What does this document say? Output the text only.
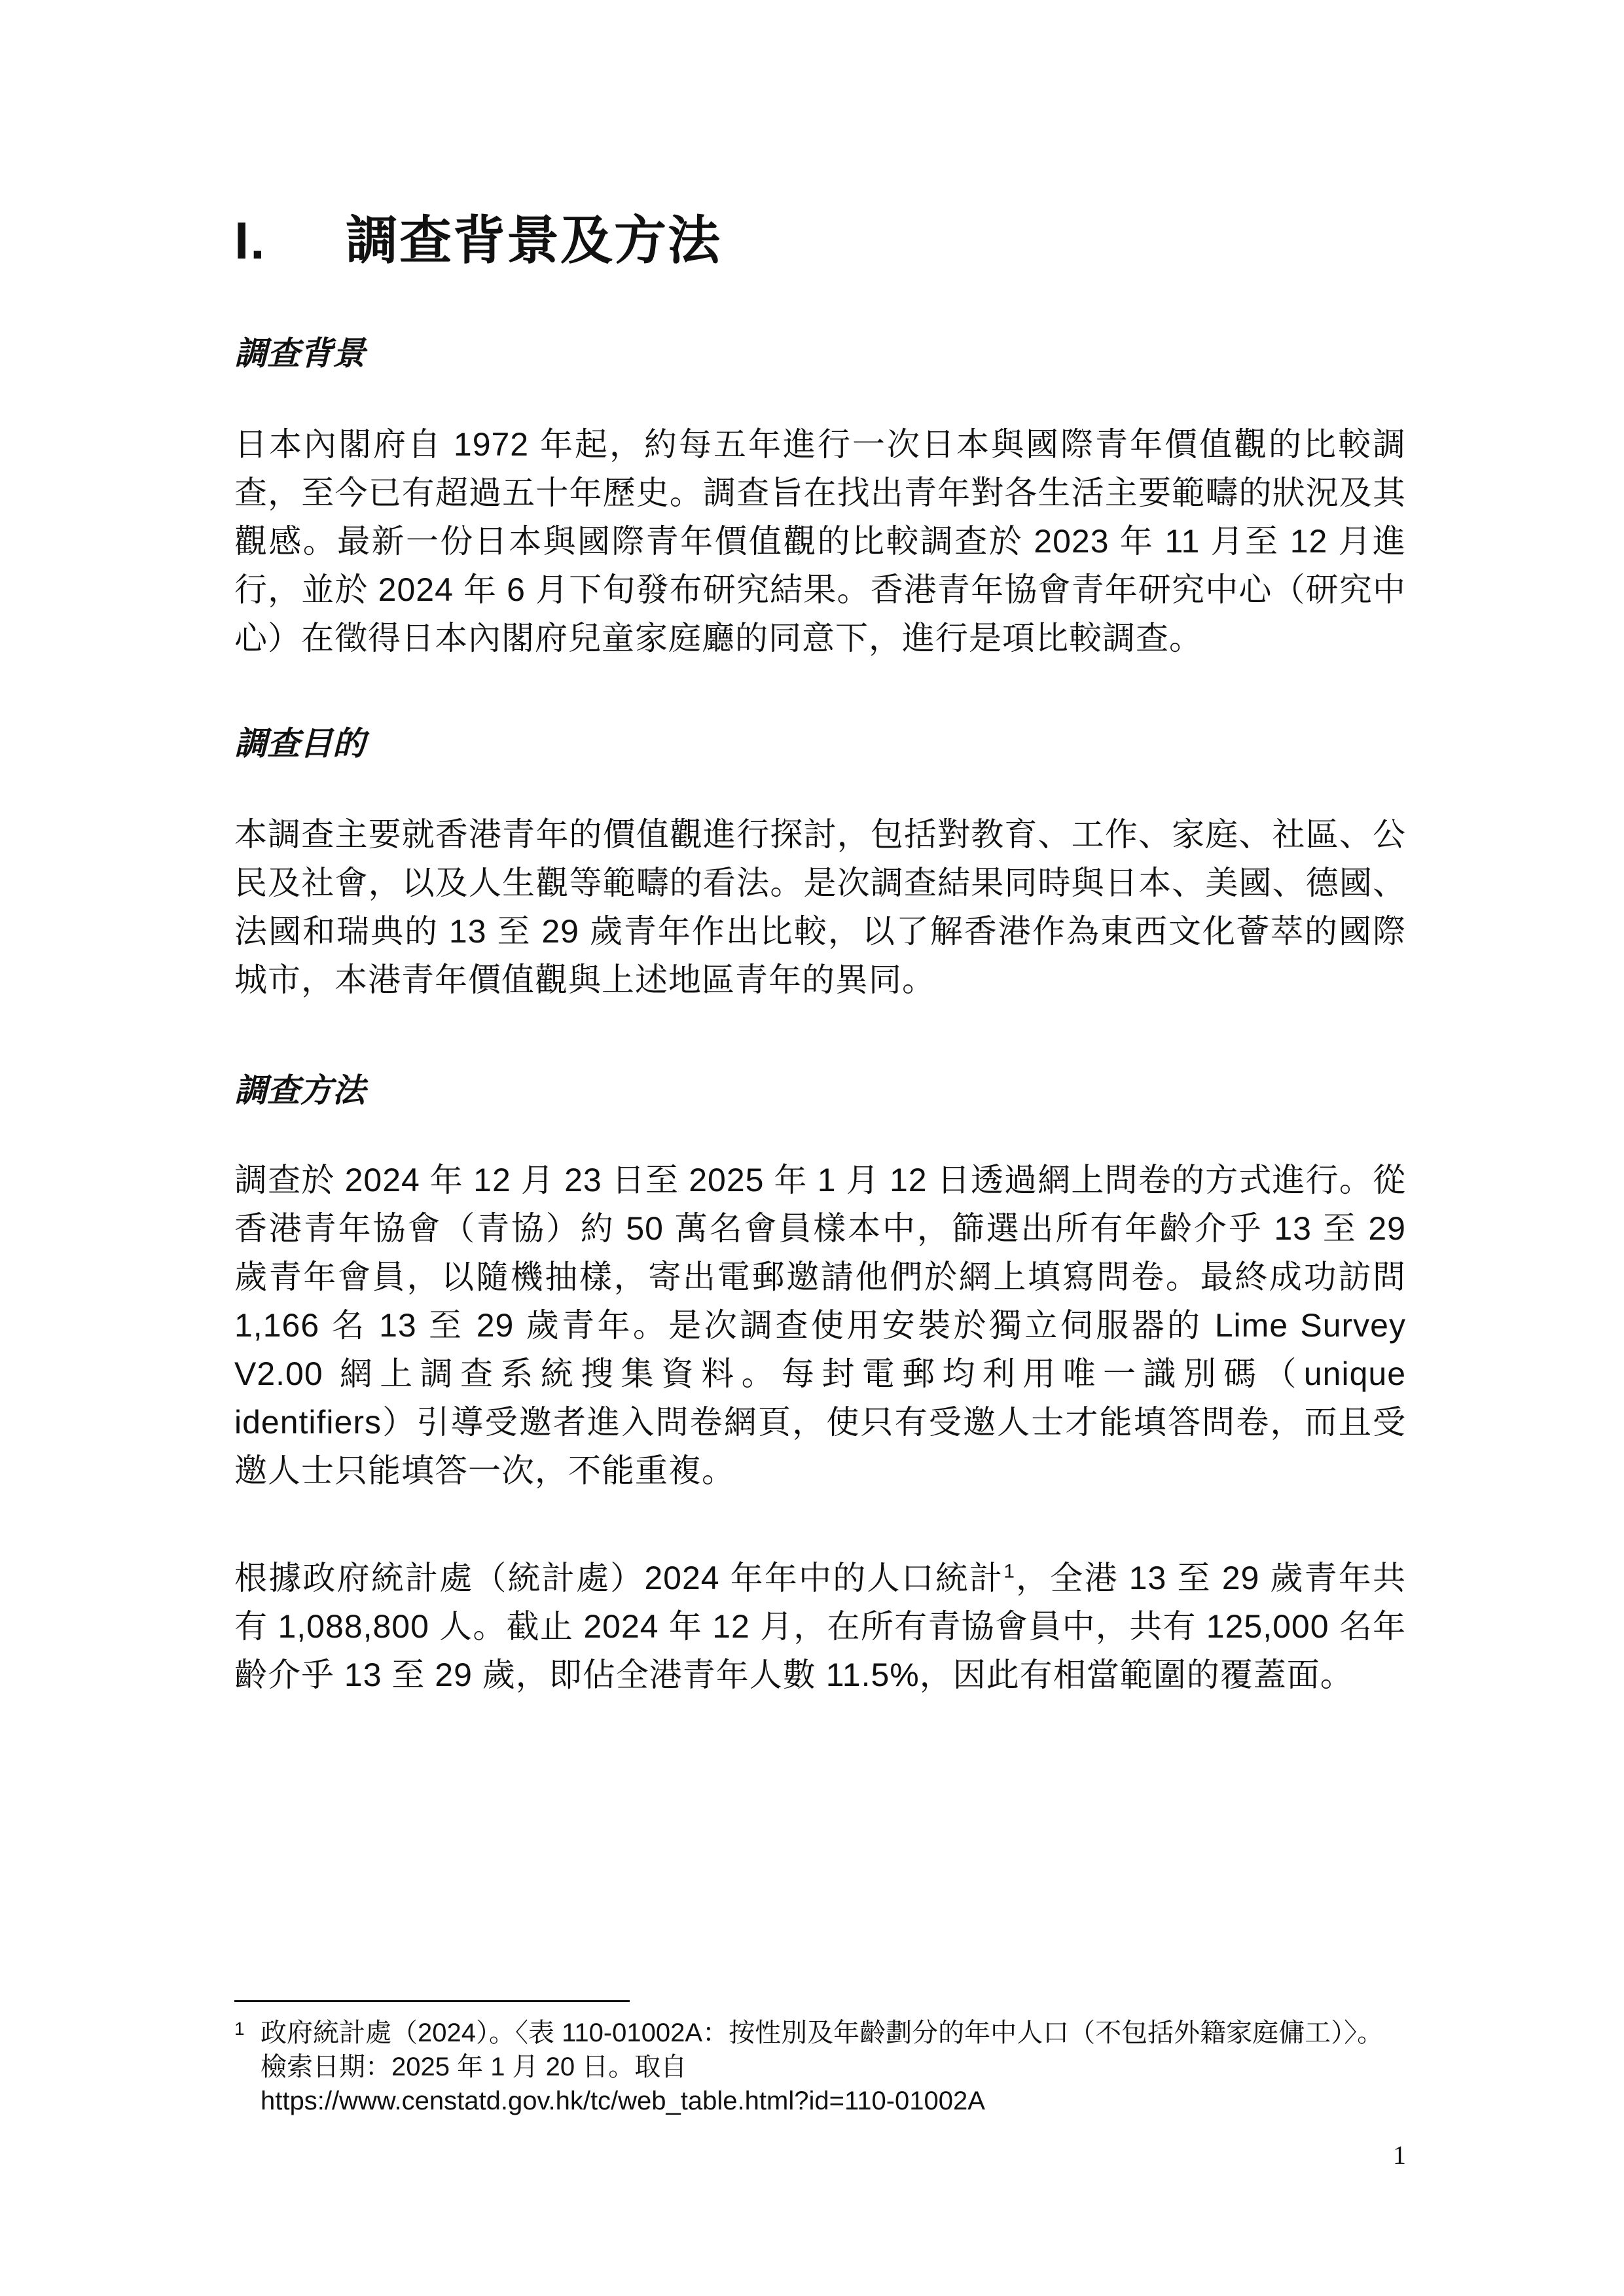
I. 調查背景及方法
調查背景

日本內閣府自 1972 年起，約每五年進行一次日本與國際青年價值觀的比較調查，至今已有超過五十年歷史。調查旨在找出青年對各生活主要範疇的狀況及其觀感。最新一份日本與國際青年價值觀的比較調查於 2023 年 11 月至 12 月進行，並於 2024 年 6 月下旬發布研究結果。香港青年協會青年研究中心（研究中心）在徵得日本內閣府兒童家庭廳的同意下，進行是項比較調查。

調查目的

本調查主要就香港青年的價值觀進行探討，包括對教育、工作、家庭、社區、公民及社會，以及人生觀等範疇的看法。是次調查結果同時與日本、美國、德國、法國和瑞典的 13 至 29 歲青年作出比較，以了解香港作為東西文化薈萃的國際城市，本港青年價值觀與上述地區青年的異同。

調查方法

調查於 2024 年 12 月 23 日至 2025 年 1 月 12 日透過網上問卷的方式進行。從香港青年協會（青協）約 50 萬名會員樣本中，篩選出所有年齡介乎 13 至 29 歲青年會員，以隨機抽樣，寄出電郵邀請他們於網上填寫問卷。最終成功訪問 1,166 名 13 至 29 歲青年。是次調查使用安裝於獨立伺服器的 Lime Survey V2.00 網上調查系統搜集資料。每封電郵均利用唯一識別碼（unique identifiers）引導受邀者進入問卷網頁，使只有受邀人士才能填答問卷，而且受邀人士只能填答一次，不能重複。

根據政府統計處（統計處）2024 年年中的人口統計$^1$，全港 13 至 29 歲青年共有 1,088,800 人。截止 2024 年 12 月，在所有青協會員中，共有 125,000 名年齡介乎 13 至 29 歲，即佔全港青年人數 11.5%，因此有相當範圍的覆蓋面。

1 政府統計處（2024）。〈表 110-01002A：按性別及年齡劃分的年中人口（不包括外籍家庭傭工）〉。檢索日期：2025 年 1 月 20 日。取自
https://www.censtatd.gov.hk/tc/web_table.html?id=110-01002A
1
